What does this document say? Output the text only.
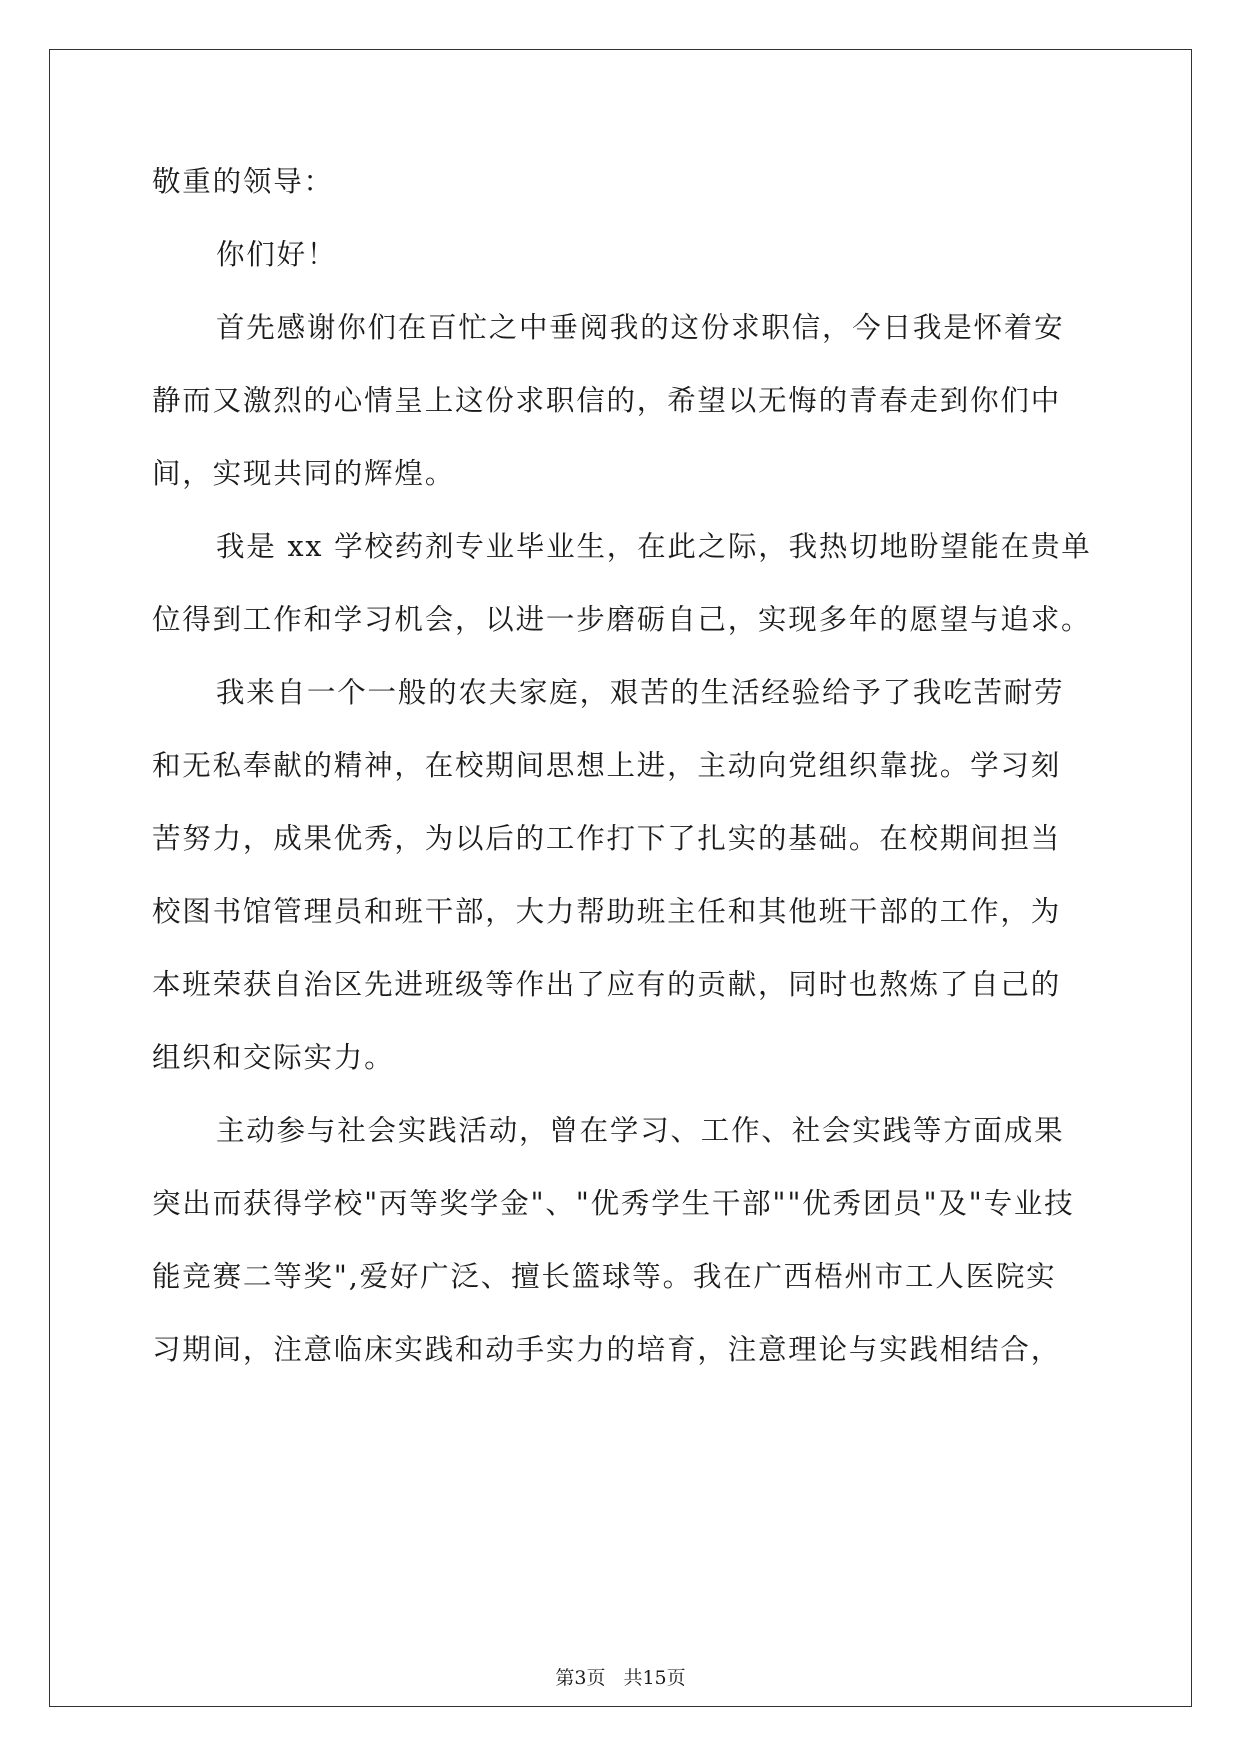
敬重的领导：

你们好！

首先感谢你们在百忙之中垂阅我的这份求职信，今日我是怀着安

静而又激烈的心情呈上这份求职信的，希望以无悔的青春走到你们中

间，实现共同的辉煌。

我是 xx 学校药剂专业毕业生，在此之际，我热切地盼望能在贵单

位得到工作和学习机会，以进一步磨砺自己，实现多年的愿望与追求。

我来自一个一般的农夫家庭，艰苦的生活经验给予了我吃苦耐劳

和无私奉献的精神，在校期间思想上进，主动向党组织靠拢。学习刻

苦努力，成果优秀，为以后的工作打下了扎实的基础。在校期间担当

校图书馆管理员和班干部，大力帮助班主任和其他班干部的工作，为

本班荣获自治区先进班级等作出了应有的贡献，同时也熬炼了自己的

组织和交际实力。

主动参与社会实践活动，曾在学习、工作、社会实践等方面成果

突出而获得学校"丙等奖学金"、"优秀学生干部""优秀团员"及"专业技

能竞赛二等奖",爱好广泛、擅长篮球等。我在广西梧州市工人医院实

习期间，注意临床实践和动手实力的培育，注意理论与实践相结合，

第3页 共15页
